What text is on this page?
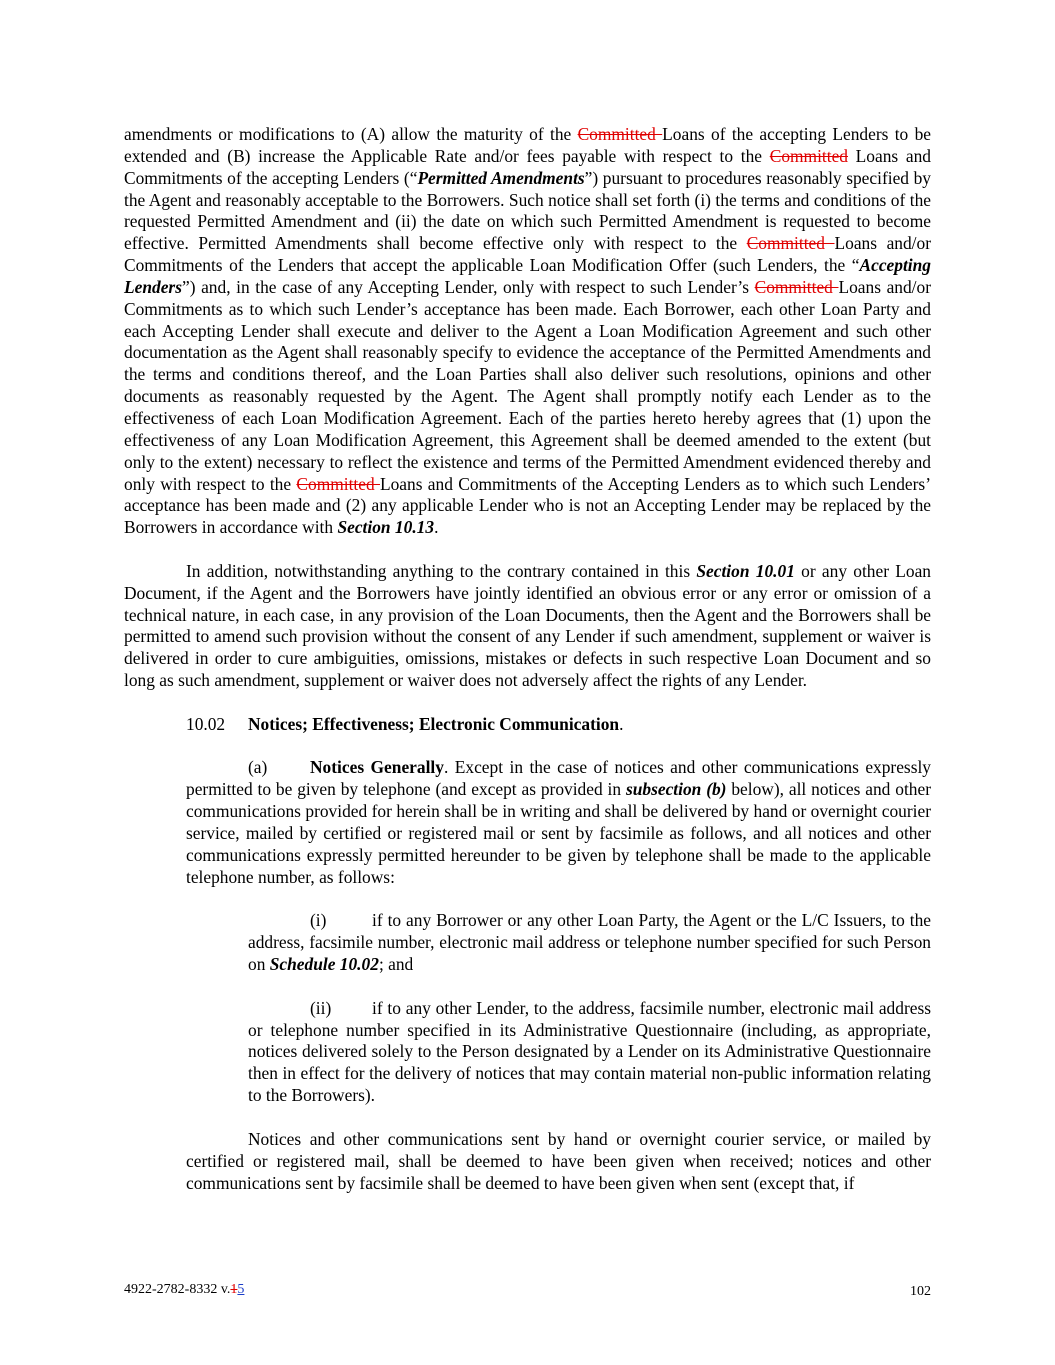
amendments or modifications to (A) allow the maturity of the Committed Loans of the accepting Lenders to be extended and (B) increase the Applicable Rate and/or fees payable with respect to the Committed Loans and Commitments of the accepting Lenders (“Permitted Amendments”) pursuant to procedures reasonably specified by the Agent and reasonably acceptable to the Borrowers. Such notice shall set forth (i) the terms and conditions of the requested Permitted Amendment and (ii) the date on which such Permitted Amendment is requested to become effective. Permitted Amendments shall become effective only with respect to the Committed Loans and/or Commitments of the Lenders that accept the applicable Loan Modification Offer (such Lenders, the “Accepting Lenders”) and, in the case of any Accepting Lender, only with respect to such Lender’s Committed Loans and/or Commitments as to which such Lender’s acceptance has been made. Each Borrower, each other Loan Party and each Accepting Lender shall execute and deliver to the Agent a Loan Modification Agreement and such other documentation as the Agent shall reasonably specify to evidence the acceptance of the Permitted Amendments and the terms and conditions thereof, and the Loan Parties shall also deliver such resolutions, opinions and other documents as reasonably requested by the Agent. The Agent shall promptly notify each Lender as to the effectiveness of each Loan Modification Agreement. Each of the parties hereto hereby agrees that (1) upon the effectiveness of any Loan Modification Agreement, this Agreement shall be deemed amended to the extent (but only to the extent) necessary to reflect the existence and terms of the Permitted Amendment evidenced thereby and only with respect to the Committed Loans and Commitments of the Accepting Lenders as to which such Lenders’ acceptance has been made and (2) any applicable Lender who is not an Accepting Lender may be replaced by the Borrowers in accordance with Section 10.13.

In addition, notwithstanding anything to the contrary contained in this Section 10.01 or any other Loan Document, if the Agent and the Borrowers have jointly identified an obvious error or any error or omission of a technical nature, in each case, in any provision of the Loan Documents, then the Agent and the Borrowers shall be permitted to amend such provision without the consent of any Lender if such amendment, supplement or waiver is delivered in order to cure ambiguities, omissions, mistakes or defects in such respective Loan Document and so long as such amendment, supplement or waiver does not adversely affect the rights of any Lender.

10.02 Notices; Effectiveness; Electronic Communication.

(a) Notices Generally. Except in the case of notices and other communications expressly permitted to be given by telephone (and except as provided in subsection (b) below), all notices and other communications provided for herein shall be in writing and shall be delivered by hand or overnight courier service, mailed by certified or registered mail or sent by facsimile as follows, and all notices and other communications expressly permitted hereunder to be given by telephone shall be made to the applicable telephone number, as follows:

(i)	if to any Borrower or any other Loan Party, the Agent or the L/C Issuers, to the address, facsimile number, electronic mail address or telephone number specified for such Person on Schedule 10.02; and

(ii) if to any other Lender, to the address, facsimile number, electronic mail address or telephone number specified in its Administrative Questionnaire (including, as appropriate, notices delivered solely to the Person designated by a Lender on its Administrative Questionnaire then in effect for the delivery of notices that may contain material non-public information relating to the Borrowers).

Notices and other communications sent by hand or overnight courier service, or mailed by certified or registered mail, shall be deemed to have been given when received; notices and other communications sent by facsimile shall be deemed to have been given when sent (except that, if

4922-2782-8332 v.15	102
